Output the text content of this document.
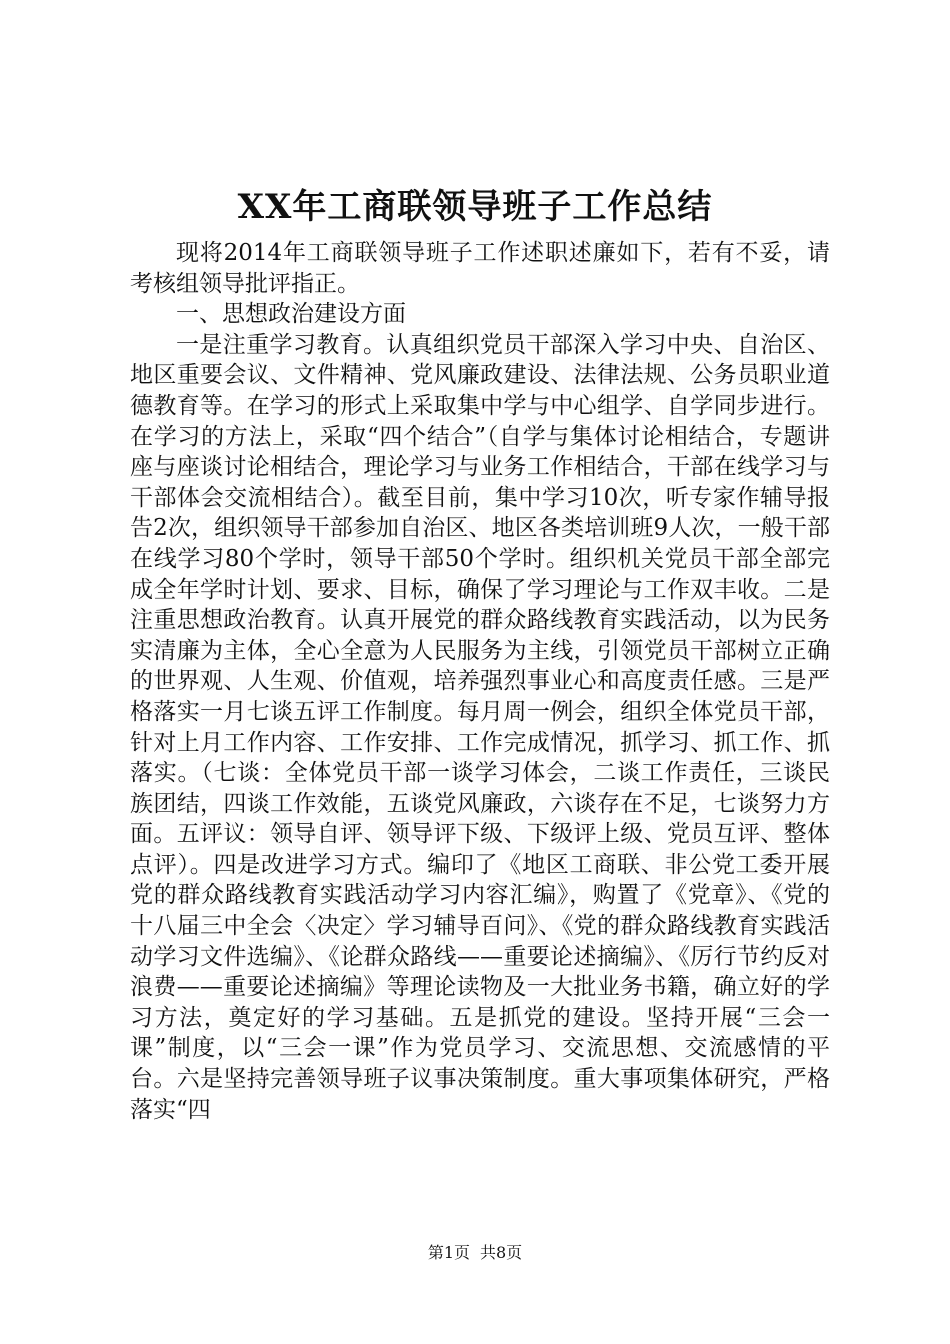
XX年工商联领导班子工作总结

现将2014年工商联领导班子工作述职述廉如下，若有不妥，请考核组领导批评指正。

一、思想政治建设方面

一是注重学习教育。认真组织党员干部深入学习中央、自治区、地区重要会议、文件精神、党风廉政建设、法律法规、公务员职业道德教育等。在学习的形式上采取集中学与中心组学、自学同步进行。在学习的方法上，采取“四个结合”（自学与集体讨论相结合，专题讲座与座谈讨论相结合，理论学习与业务工作相结合，干部在线学习与干部体会交流相结合）。截至目前，集中学习10次，听专家作辅导报告2次，组织领导干部参加自治区、地区各类培训班9人次，一般干部在线学习80个学时，领导干部50个学时。组织机关党员干部全部完成全年学时计划、要求、目标，确保了学习理论与工作双丰收。二是注重思想政治教育。认真开展党的群众路线教育实践活动，以为民务实清廉为主体，全心全意为人民服务为主线，引领党员干部树立正确的世界观、人生观、价值观，培养强烈事业心和高度责任感。三是严格落实一月七谈五评工作制度。每月周一例会，组织全体党员干部，针对上月工作内容、工作安排、工作完成情况，抓学习、抓工作、抓落实。（七谈：全体党员干部一谈学习体会，二谈工作责任，三谈民族团结，四谈工作效能，五谈党风廉政，六谈存在不足，七谈努力方面。五评议：领导自评、领导评下级、下级评上级、党员互评、整体点评）。四是改进学习方式。编印了《地区工商联、非公党工委开展党的群众路线教育实践活动学习内容汇编》，购置了《党章》、《党的十八届三中全会〈决定〉学习辅导百问》、《党的群众路线教育实践活动学习文件选编》、《论群众路线——重要论述摘编》、《厉行节约反对浪费——重要论述摘编》等理论读物及一大批业务书籍，确立好的学习方法，奠定好的学习基础。五是抓党的建设。坚持开展“三会一课”制度，以“三会一课”作为党员学习、交流思想、交流感情的平台。六是坚持完善领导班子议事决策制度。重大事项集体研究，严格落实“四

第1页 共8页
